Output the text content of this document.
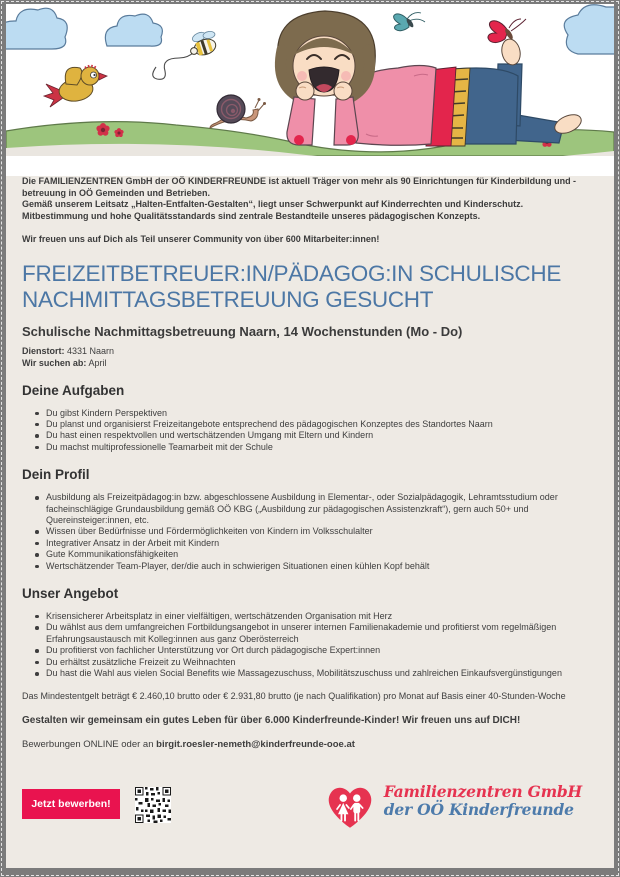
Die FAMILIENZENTREN GmbH der OÖ KINDERFREUNDE ist aktuell Träger von mehr als 90 Einrichtungen für Kinderbildung und -betreuung in OÖ Gemeinden und Betrieben.

Gemäß unserem Leitsatz „Halten-Entfalten-Gestalten“, liegt unser Schwerpunkt auf Kinderrechten und Kinderschutz. Mitbestimmung und hohe Qualitätsstandards sind zentrale Bestandteile unseres pädagogischen Konzepts.

Wir freuen uns auf Dich als Teil unserer Community von über 600 Mitarbeiter:innen!

FREIZEITBETREUER:IN/PÄDAGOG:IN SCHULISCHE NACHMITTAGSBETREUUNG GESUCHT
Schulische Nachmittagsbetreuung Naarn, 14 Wochenstunden (Mo - Do)
Dienstort: 4331 Naarn
Wir suchen ab: April
Deine Aufgaben
Du gibst Kindern Perspektiven
Du planst und organisierst Freizeitangebote entsprechend des pädagogischen Konzeptes des Standortes Naarn
Du hast einen respektvollen und wertschätzenden Umgang mit Eltern und Kindern
Du machst multiprofessionelle Teamarbeit mit der Schule
Dein Profil
Ausbildung als Freizeitpädagog:in bzw. abgeschlossene Ausbildung in Elementar-, oder Sozialpädagogik, Lehramtsstudium oder facheinschlägige Grundausbildung gemäß OÖ KBG („Ausbildung zur pädagogischen Assistenzkraft“), gern auch 50+ und Quereinsteiger:innen, etc.
Wissen über Bedürfnisse und Fördermöglichkeiten von Kindern im Volksschulalter
Integrativer Ansatz in der Arbeit mit Kindern
Gute Kommunikationsfähigkeiten
Wertschätzender Team-Player, der/die auch in schwierigen Situationen einen kühlen Kopf behält
Unser Angebot
Krisensicherer Arbeitsplatz in einer vielfältigen, wertschätzenden Organisation mit Herz
Du wählst aus dem umfangreichen Fortbildungsangebot in unserer internen Familienakademie und profitierst vom regelmäßigen Erfahrungsaustausch mit Kolleg:innen aus ganz Oberösterreich
Du profitierst von fachlicher Unterstützung vor Ort durch pädagogische Expert:innen
Du erhältst zusätzliche Freizeit zu Weihnachten
Du hast die Wahl aus vielen Social Benefits wie Massagezuschuss, Mobilitätszuschuss und zahlreichen Einkaufsvergünstigungen

Das Mindestentgelt beträgt € 2.460,10 brutto oder € 2.931,80 brutto (je nach Qualifikation) pro Monat auf Basis einer 40-Stunden-Woche

Gestalten wir gemeinsam ein gutes Leben für über 6.000 Kinderfreunde-Kinder! Wir freuen uns auf DICH!

Bewerbungen ONLINE oder an birgit.roesler-nemeth@kinderfreunde-ooe.at

Jetzt bewerben!
Familienzentren GmbH
der OÖ Kinderfreunde
